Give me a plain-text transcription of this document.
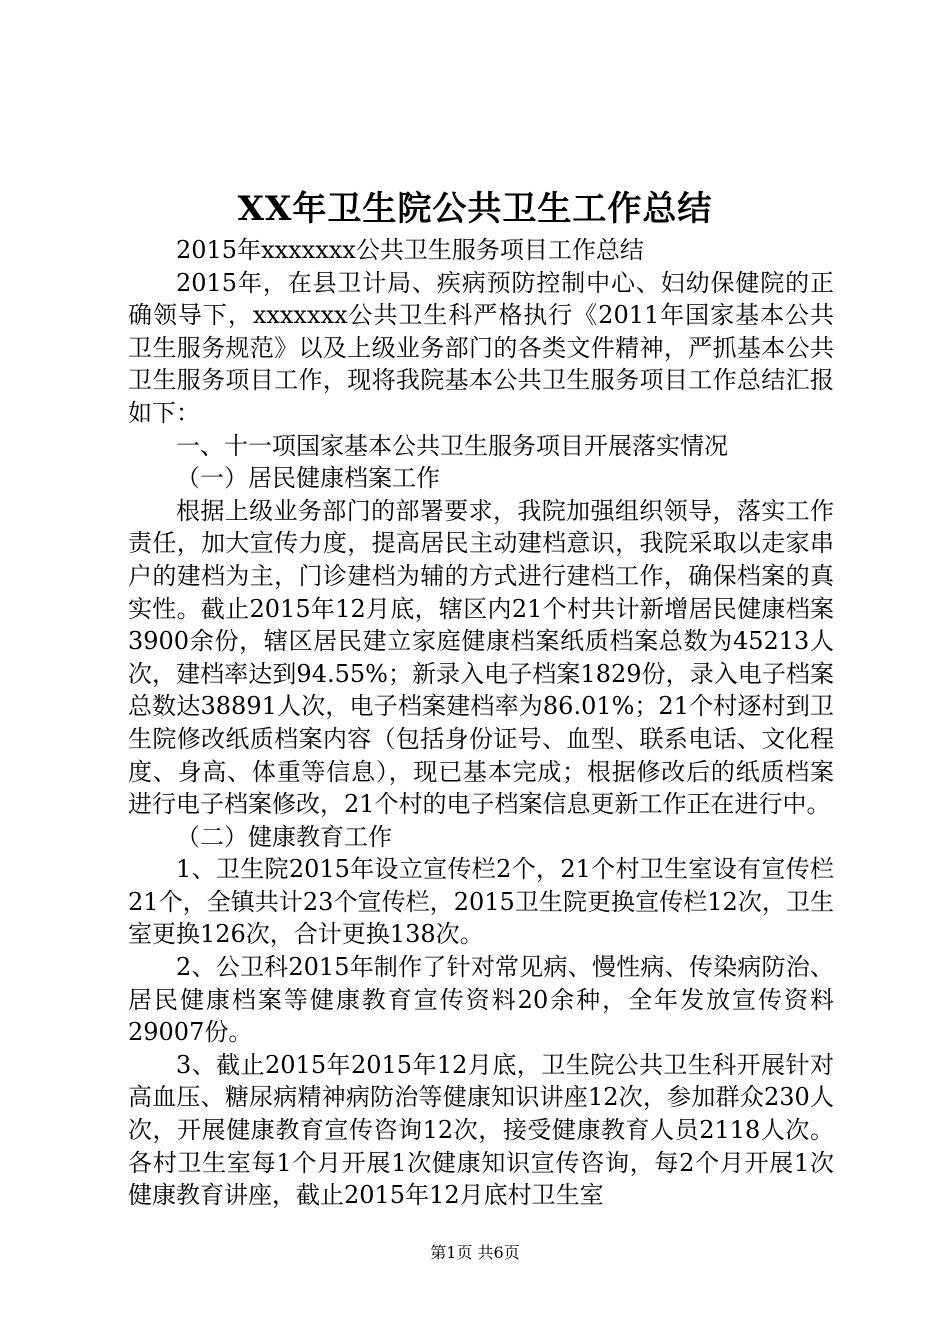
XX年卫生院公共卫生工作总结

2015年xxxxxxx公共卫生服务项目工作总结

2015年，在县卫计局、疾病预防控制中心、妇幼保健院的正确领导下，xxxxxxx公共卫生科严格执行《2011年国家基本公共卫生服务规范》以及上级业务部门的各类文件精神，严抓基本公共卫生服务项目工作，现将我院基本公共卫生服务项目工作总结汇报如下：

一、十一项国家基本公共卫生服务项目开展落实情况

（一）居民健康档案工作

根据上级业务部门的部署要求，我院加强组织领导，落实工作责任，加大宣传力度，提高居民主动建档意识，我院采取以走家串户的建档为主，门诊建档为辅的方式进行建档工作，确保档案的真实性。截止2015年12月底，辖区内21个村共计新增居民健康档案3900余份，辖区居民建立家庭健康档案纸质档案总数为45213人次，建档率达到94.55%；新录入电子档案1829份，录入电子档案总数达38891人次，电子档案建档率为86.01%；21个村逐村到卫生院修改纸质档案内容（包括身份证号、血型、联系电话、文化程度、身高、体重等信息），现已基本完成；根据修改后的纸质档案进行电子档案修改，21个村的电子档案信息更新工作正在进行中。

（二）健康教育工作

1、卫生院2015年设立宣传栏2个，21个村卫生室设有宣传栏21个，全镇共计23个宣传栏，2015卫生院更换宣传栏12次，卫生室更换126次，合计更换138次。

2、公卫科2015年制作了针对常见病、慢性病、传染病防治、居民健康档案等健康教育宣传资料20余种，全年发放宣传资料29007份。

3、截止2015年2015年12月底，卫生院公共卫生科开展针对高血压、糖尿病精神病防治等健康知识讲座12次，参加群众230人次，开展健康教育宣传咨询12次，接受健康教育人员2118人次。各村卫生室每1个月开展1次健康知识宣传咨询，每2个月开展1次健康教育讲座，截止2015年12月底村卫生室

第1页 共6页
